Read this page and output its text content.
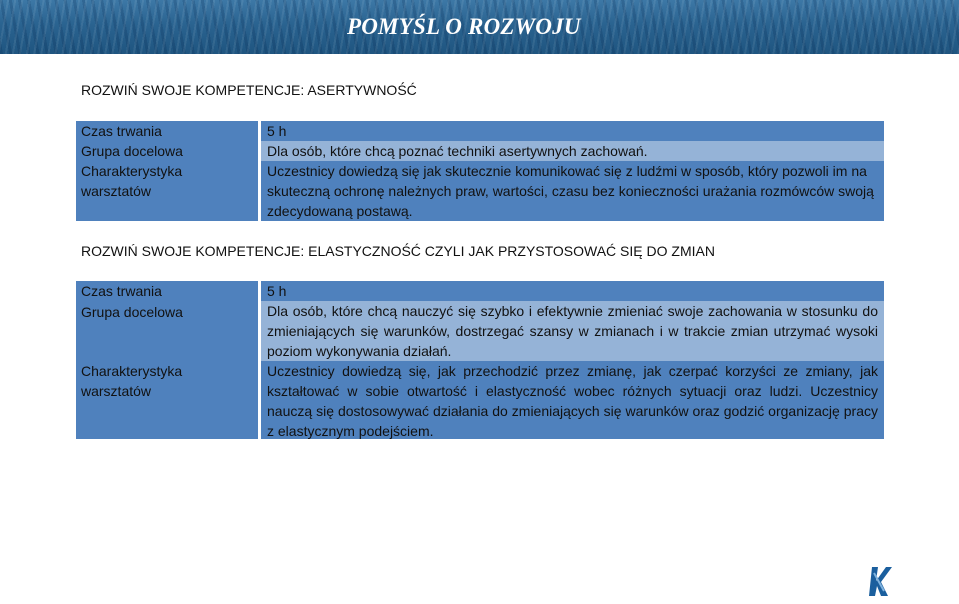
POMYŚL O ROZWOJU
ROZWIŃ SWOJE KOMPETENCJE: ASERTYWNOŚĆ
Czas trwania	5 h
Grupa docelowa	Dla osób, które chcą poznać techniki asertywnych zachowań.
Charakterystyka warsztatów
Uczestnicy dowiedzą się jak skutecznie komunikować się z ludźmi w sposób, który pozwoli im na skuteczną ochronę należnych praw, wartości, czasu bez konieczności urażania rozmówców swoją zdecydowaną postawą.
ROZWIŃ SWOJE KOMPETENCJE: ELASTYCZNOŚĆ CZYLI JAK PRZYSTOSOWAĆ SIĘ DO ZMIAN
Czas trwania
Grupa docelowa
Charakterystyka warsztatów
5 h
Dla osób, które chcą nauczyć się szybko i efektywnie zmieniać swoje zachowania w stosunku do zmieniających się warunków, dostrzegać szansy w zmianach i w trakcie zmian utrzymać wysoki poziom wykonywania działań.
Uczestnicy dowiedzą się, jak przechodzić przez zmianę, jak czerpać korzyści ze zmiany, jak kształtować w sobie otwartość i elastyczność wobec różnych sytuacji oraz ludzi. Uczestnicy nauczą się dostosowywać działania do zmieniających się warunków oraz godzić organizację pracy z elastycznym podejściem.
